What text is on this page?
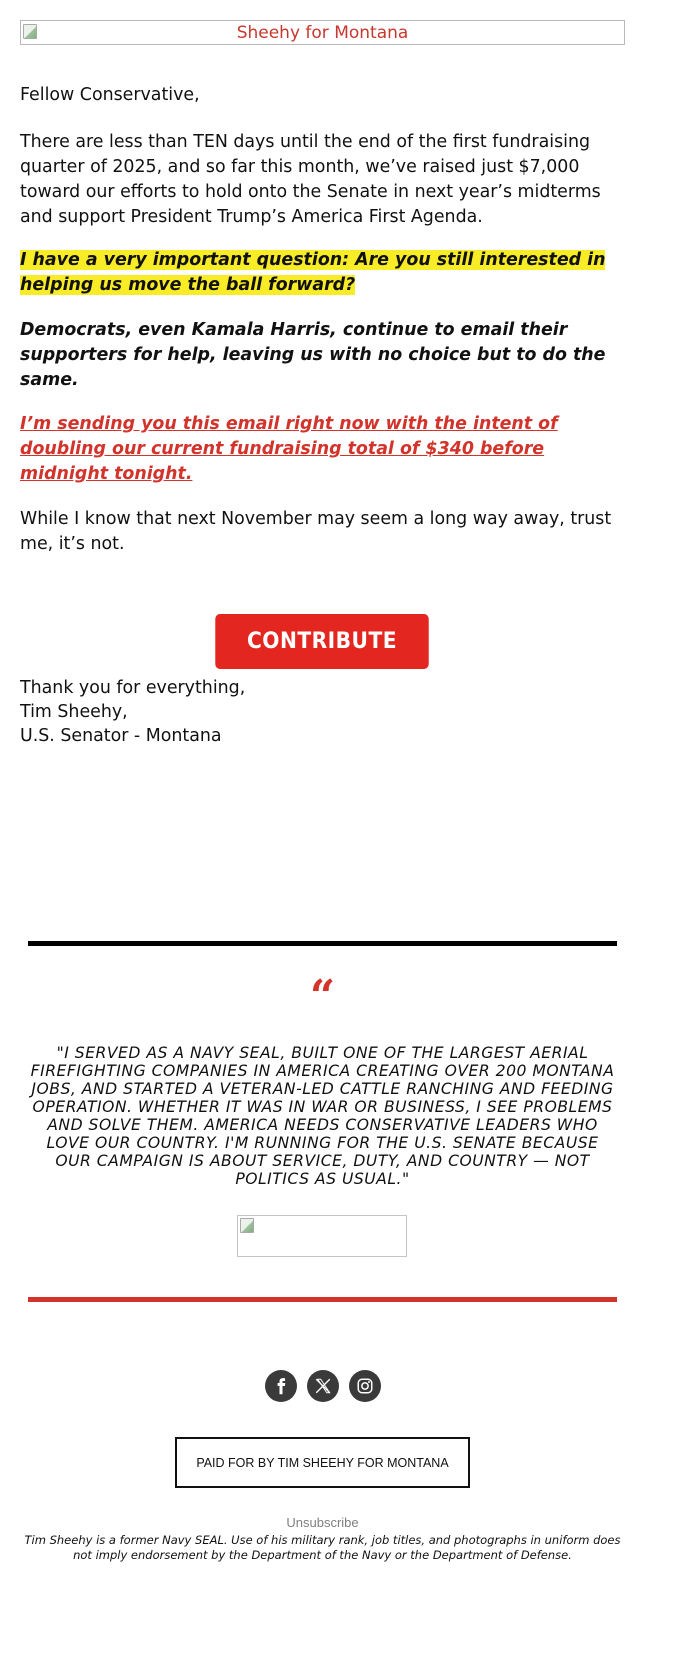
Sheehy for Montana

Fellow Conservative,

There are less than TEN days until the end of the first fundraising quarter of 2025, and so far this month, we’ve raised just $7,000 toward our efforts to hold onto the Senate in next year’s midterms and support President Trump’s America First Agenda.

I have a very important question: Are you still interested in helping us move the ball forward?

Democrats, even Kamala Harris, continue to email their supporters for help, leaving us with no choice but to do the same.

I’m sending you this email right now with the intent of doubling our current fundraising total of $340 before midnight tonight.

While I know that next November may seem a long way away, trust me, it’s not.

CONTRIBUTE NOW

Thank you for everything,

Tim Sheehy,

U.S. Senator - Montana

“
"I SERVED AS A NAVY SEAL, BUILT ONE OF THE LARGEST AERIAL FIREFIGHTING COMPANIES IN AMERICA CREATING OVER 200 MONTANA JOBS, AND STARTED A VETERAN-LED CATTLE RANCHING AND FEEDING OPERATION. WHETHER IT WAS IN WAR OR BUSINESS, I SEE PROBLEMS AND SOLVE THEM. AMERICA NEEDS CONSERVATIVE LEADERS WHO LOVE OUR COUNTRY. I'M RUNNING FOR THE U.S. SENATE BECAUSE OUR CAMPAIGN IS ABOUT SERVICE, DUTY, AND COUNTRY — NOT POLITICS AS USUAL."
PAID FOR BY TIM SHEEHY FOR MONTANA
Unsubscribe
Tim Sheehy is a former Navy SEAL. Use of his military rank, job titles, and photographs in uniform does not imply endorsement by the Department of the Navy or the Department of Defense.
